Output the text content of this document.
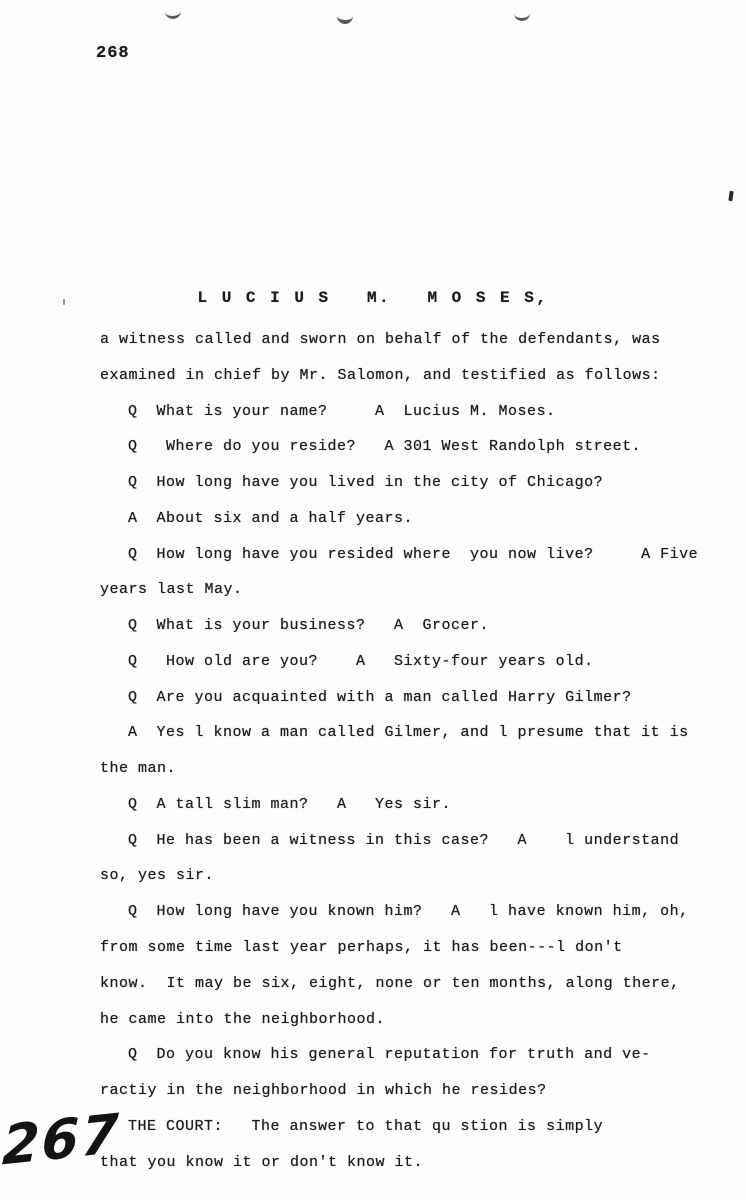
268
L U C I U S   M.   M O S E S,
a witness called and sworn on behalf of the defendants, was
examined in chief by Mr. Salomon, and testified as follows:
Q  What is your name?     A  Lucius M. Moses.
Q   Where do you reside?   A 301 West Randolph street.
Q  How long have you lived in the city of Chicago?
A  About six and a half years.
Q  How long have you resided where  you now live?     A Five
years last May.
Q  What is your business?   A  Grocer.
Q   How old are you?    A   Sixty-four years old.
Q  Are you acquainted with a man called Harry Gilmer?
A  Yes l know a man called Gilmer, and l presume that it is
the man.
Q  A tall slim man?   A   Yes sir.
Q  He has been a witness in this case?   A    l understand
so, yes sir.
Q  How long have you known him?   A   l have known him, oh,
from some time last year perhaps, it has been---l don't
know.  It may be six, eight, none or ten months, along there,
he came into the neighborhood.
Q  Do you know his general reputation for truth and ve-
ractiy in the neighborhood in which he resides?
THE COURT:   The answer to that qu stion is simply
that you know it or don't know it.
267
